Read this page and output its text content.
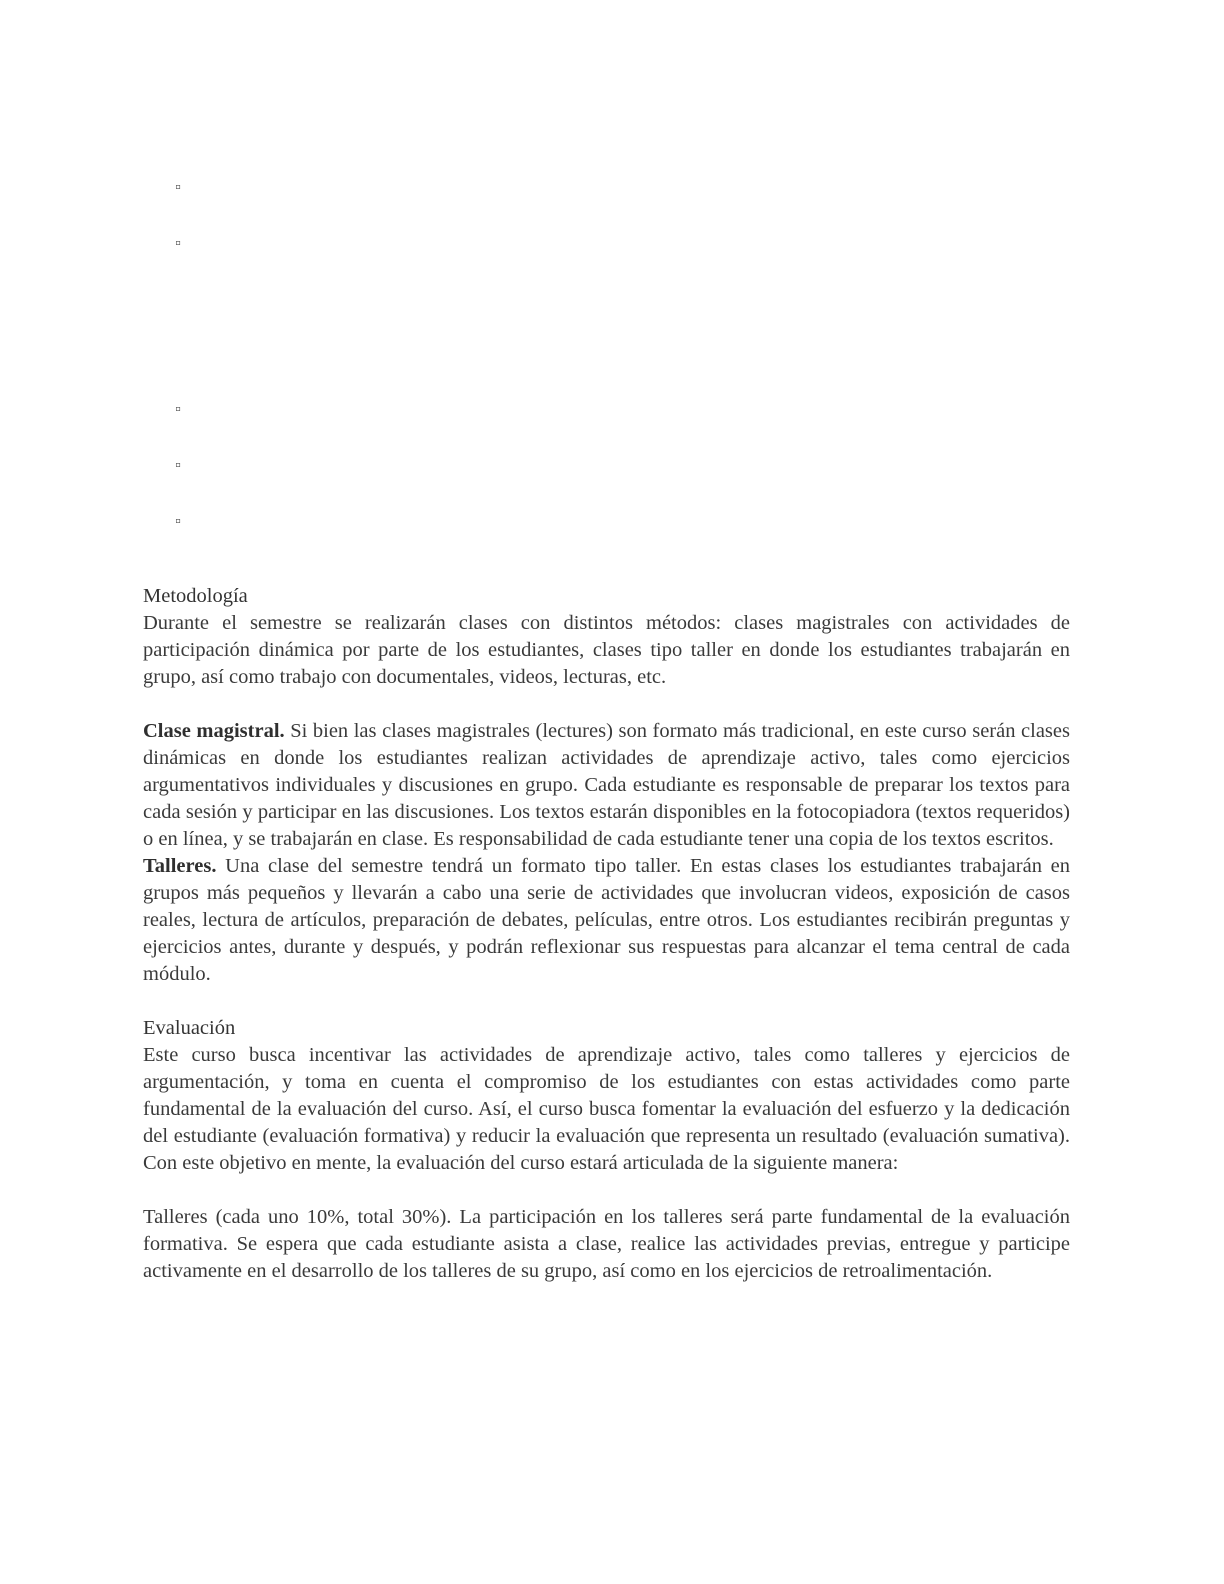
▫
▫
▫
▫
▫
Metodología

Durante el semestre se realizarán clases con distintos métodos: clases magistrales con actividades de participación dinámica por parte de los estudiantes, clases tipo taller en donde los estudiantes trabajarán en grupo, así como trabajo con documentales, videos, lecturas, etc.

Clase magistral. Si bien las clases magistrales (lectures) son formato más tradicional, en este curso serán clases dinámicas en donde los estudiantes realizan actividades de aprendizaje activo, tales como ejercicios argumentativos individuales y discusiones en grupo. Cada estudiante es responsable de preparar los textos para cada sesión y participar en las discusiones. Los textos estarán disponibles en la fotocopiadora (textos requeridos) o en línea, y se trabajarán en clase. Es responsabilidad de cada estudiante tener una copia de los textos escritos.

Talleres. Una clase del semestre tendrá un formato tipo taller. En estas clases los estudiantes trabajarán en grupos más pequeños y llevarán a cabo una serie de actividades que involucran videos, exposición de casos reales, lectura de artículos, preparación de debates, películas, entre otros. Los estudiantes recibirán preguntas y ejercicios antes, durante y después, y podrán reflexionar sus respuestas para alcanzar el tema central de cada módulo.

Evaluación

Este curso busca incentivar las actividades de aprendizaje activo, tales como talleres y ejercicios de argumentación, y toma en cuenta el compromiso de los estudiantes con estas actividades como parte fundamental de la evaluación del curso. Así, el curso busca fomentar la evaluación del esfuerzo y la dedicación del estudiante (evaluación formativa) y reducir la evaluación que representa un resultado (evaluación sumativa). Con este objetivo en mente, la evaluación del curso estará articulada de la siguiente manera:

Talleres (cada uno 10%, total 30%). La participación en los talleres será parte fundamental de la evaluación formativa. Se espera que cada estudiante asista a clase, realice las actividades previas, entregue y participe activamente en el desarrollo de los talleres de su grupo, así como en los ejercicios de retroalimentación.
